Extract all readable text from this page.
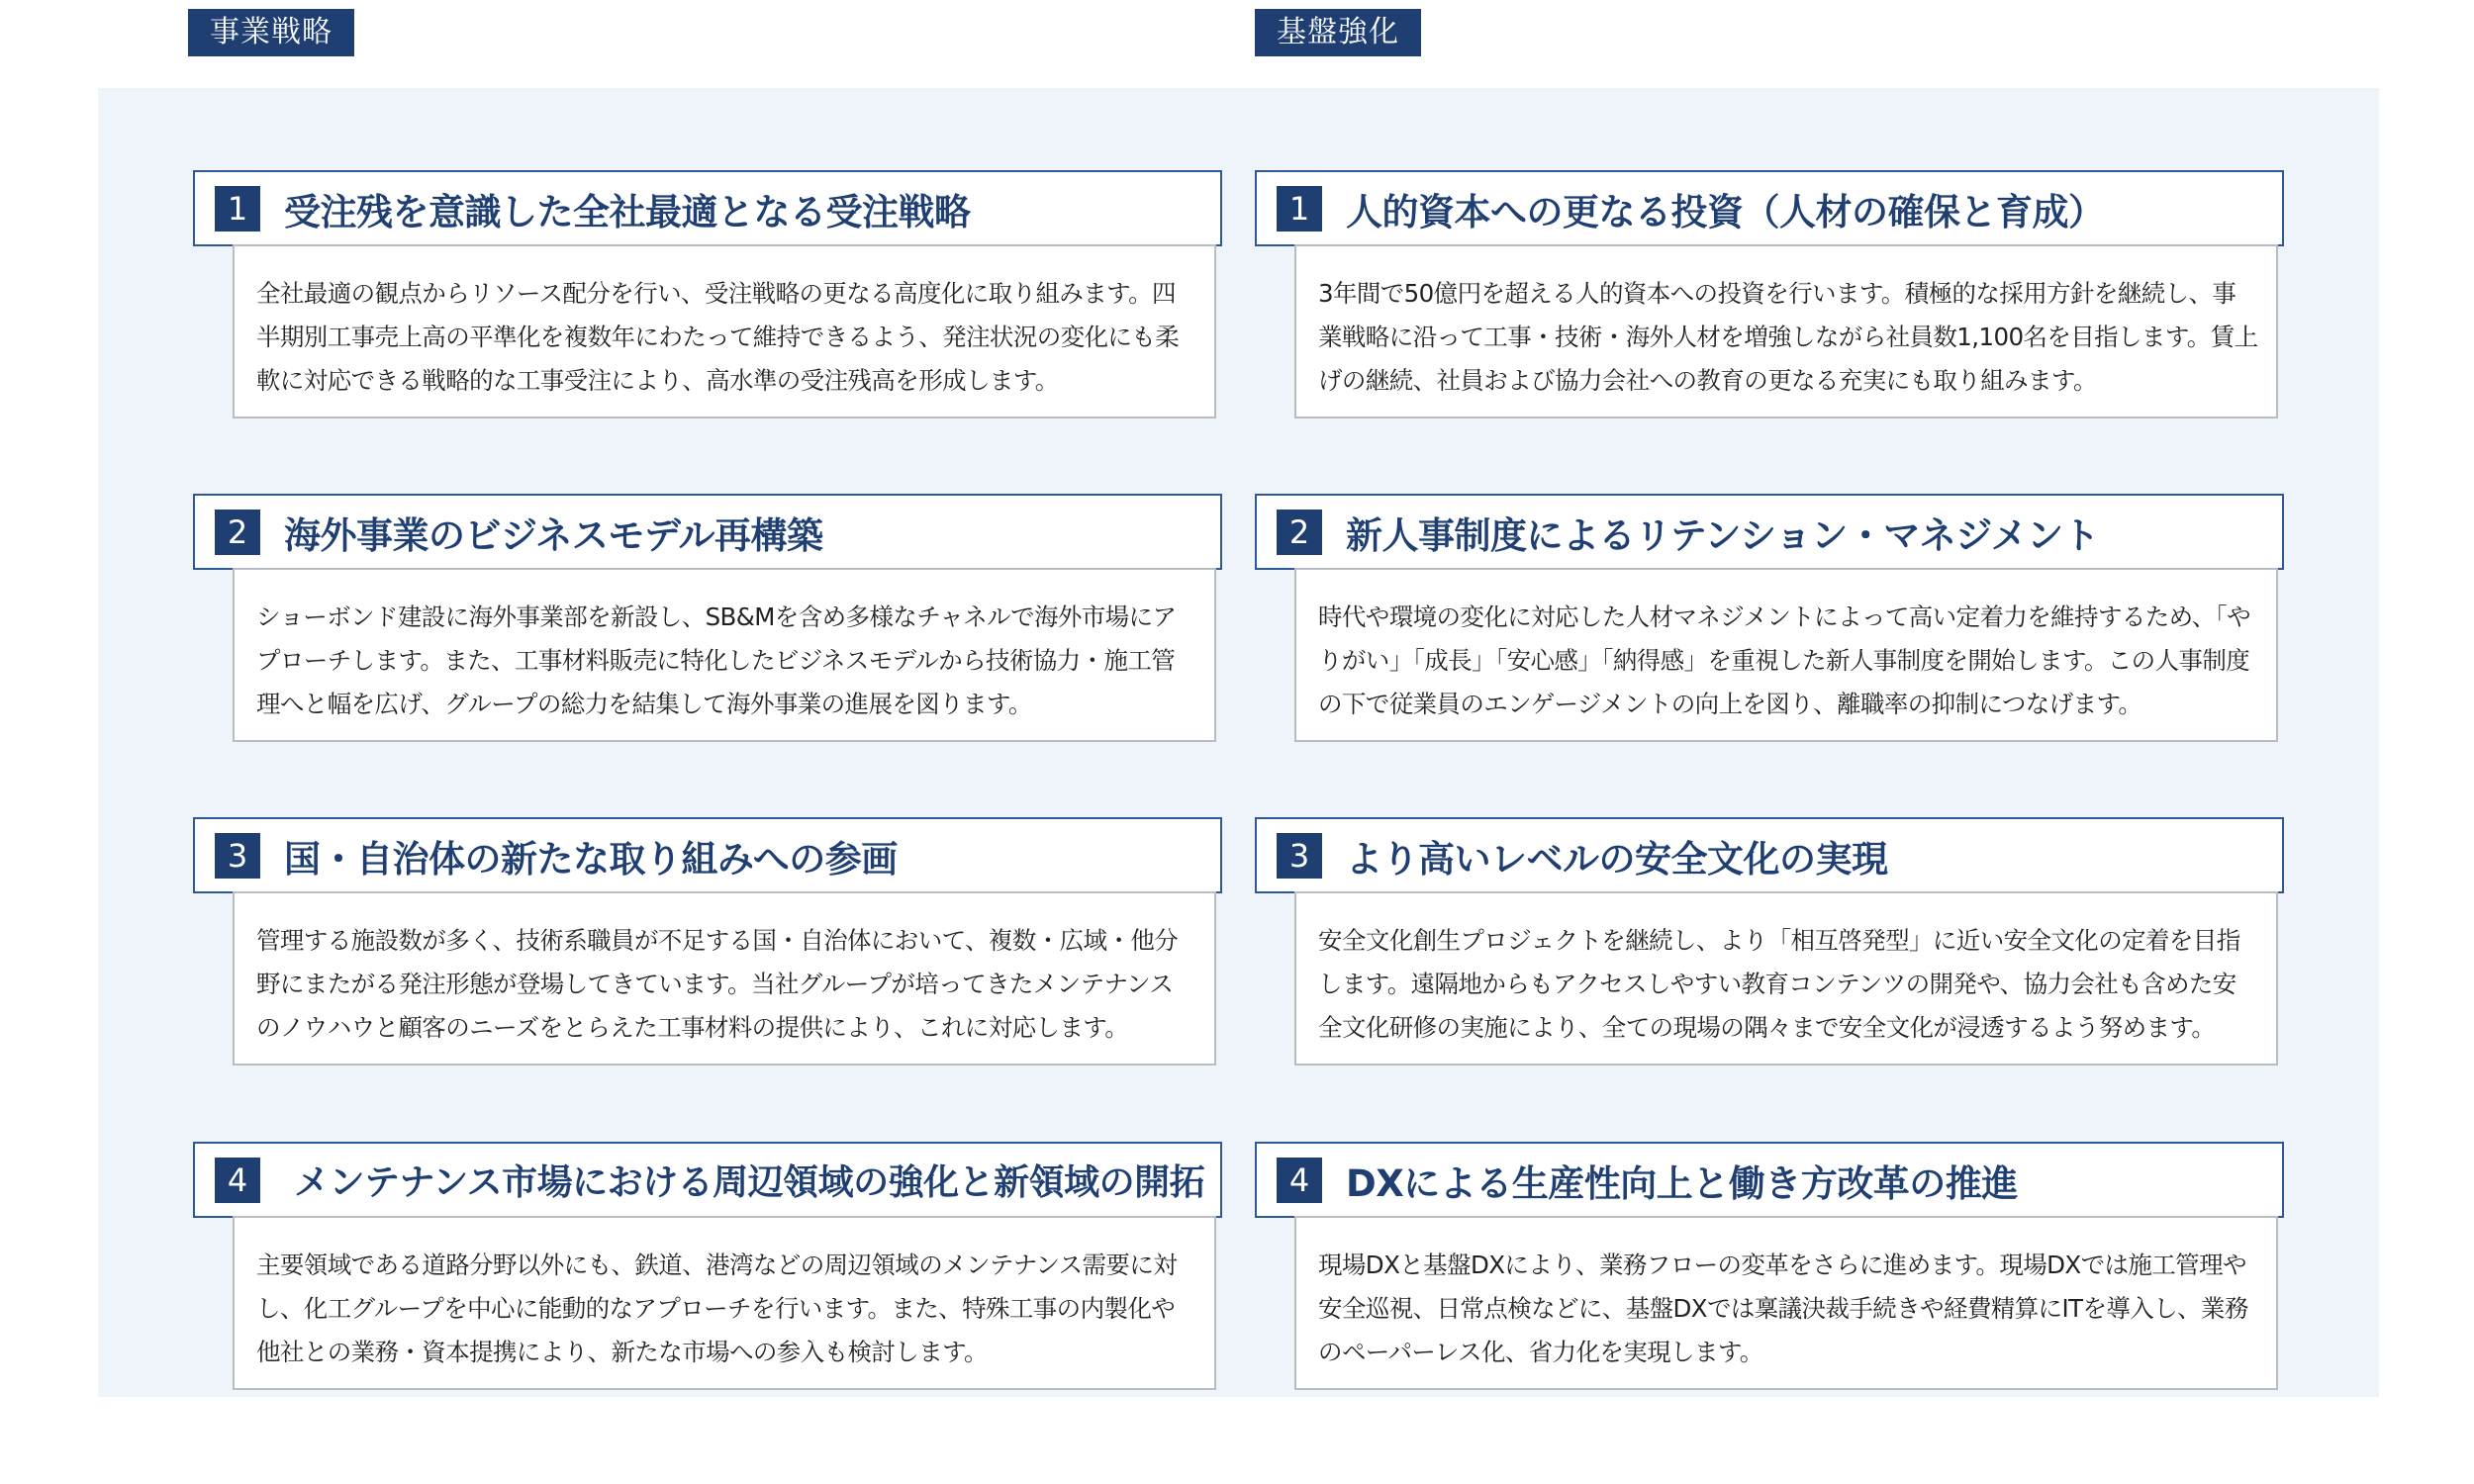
事業戦略
1 受注残を意識した全社最適となる受注戦略

全社最適の観点からリソース配分を行い、受注戦略の更なる高度化に取り組みます。四半期別工事売上高の平準化を複数年にわたって維持できるよう、発注状況の変化にも柔軟に対応できる戦略的な工事受注により、高水準の受注残高を形成します。

2 海外事業のビジネスモデル再構築

ショーボンド建設に海外事業部を新設し、SB&Mを含め多様なチャネルで海外市場にアプローチします。また、工事材料販売に特化したビジネスモデルから技術協力・施工管理へと幅を広げ、グループの総力を結集して海外事業の進展を図ります。

3 国・自治体の新たな取り組みへの参画

管理する施設数が多く、技術系職員が不足する国・自治体において、複数・広域・他分野にまたがる発注形態が登場してきています。当社グループが培ってきたメンテナンスのノウハウと顧客のニーズをとらえた工事材料の提供により、これに対応します。

4	メンテナンス市場における周辺領域の強化と新領域の開拓

主要領域である道路分野以外にも、鉄道、港湾などの周辺領域のメンテナンス需要に対し、化工グループを中心に能動的なアプローチを行います。また、特殊工事の内製化や他社との業務・資本提携により、新たな市場への参入も検討します。

基盤強化
1 人的資本への更なる投資（人材の確保と育成）

3年間で50億円を超える人的資本への投資を行います。積極的な採用方針を継続し、事業戦略に沿って工事・技術・海外人材を増強しながら社員数1,100名を目指します。賃上げの継続、社員および協力会社への教育の更なる充実にも取り組みます。

2 新人事制度によるリテンション・マネジメント

時代や環境の変化に対応した人材マネジメントによって高い定着力を維持するため、「やりがい」「成長」「安心感」「納得感」を重視した新人事制度を開始します。この人事制度の下で従業員のエンゲージメントの向上を図り、離職率の抑制につなげます。

3 より高いレベルの安全文化の実現

安全文化創生プロジェクトを継続し、より「相互啓発型」に近い安全文化の定着を目指します。遠隔地からもアクセスしやすい教育コンテンツの開発や、協力会社も含めた安全文化研修の実施により、全ての現場の隅々まで安全文化が浸透するよう努めます。

4 DXによる生産性向上と働き方改革の推進

現場DXと基盤DXにより、業務フローの変革をさらに進めます。現場DXでは施工管理や安全巡視、日常点検などに、基盤DXでは稟議決裁手続きや経費精算にITを導入し、業務のペーパーレス化、省力化を実現します。
